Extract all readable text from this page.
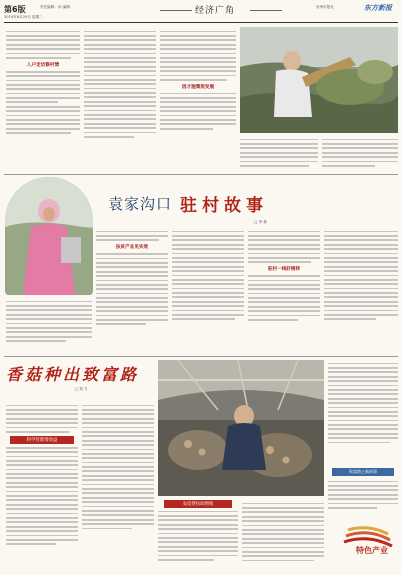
第6版
2019年8月29日 星期二
责任编辑：孙 编辑	经济广角	崇州市报社	东方新报
入户走访察村情
因才施策促发展
袁家沟口 驻村故事
□ 李 林
扶贫产业见实效
驻村一线好榜样
香菇种出致富路
□ 刘 力
科学管理增效益
农技帮扶助增收
致富路上新故事
特色产业
